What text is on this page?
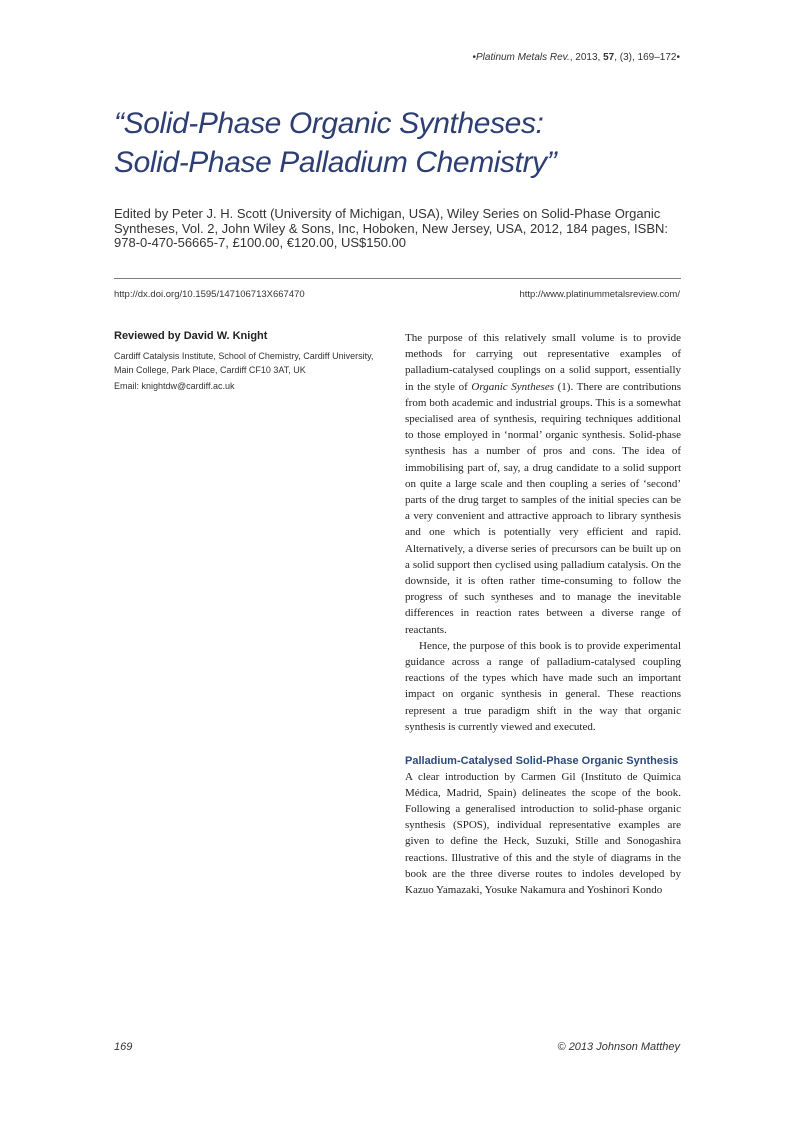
•Platinum Metals Rev., 2013, 57, (3), 169–172•
“Solid-Phase Organic Syntheses:
Solid-Phase Palladium Chemistry”

Edited by Peter J. H. Scott (University of Michigan, USA), Wiley Series on Solid-Phase Organic Syntheses, Vol. 2, John Wiley & Sons, Inc, Hoboken, New Jersey, USA, 2012, 184 pages, ISBN: 978-0-470-56665-7, £100.00, €120.00, US$150.00

http://dx.doi.org/10.1595/147106713X667470	http://www.platinummetalsreview.com/

Reviewed by David W. Knight

Cardiff Catalysis Institute, School of Chemistry, Cardiff University, Main College, Park Place, Cardiff CF10 3AT, UK

Email: knightdw@cardiff.ac.uk

The purpose of this relatively small volume is to provide methods for carrying out representative examples of palladium-catalysed couplings on a solid support, essentially in the style of Organic Syntheses (1). There are contributions from both academic and industrial groups. This is a somewhat specialised area of synthesis, requiring techniques additional to those employed in ‘normal’ organic synthesis. Solid-phase synthesis has a number of pros and cons. The idea of immobilising part of, say, a drug candidate to a solid support on quite a large scale and then coupling a series of ‘second’ parts of the drug target to samples of the initial species can be a very convenient and attractive approach to library synthesis and one which is potentially very efficient and rapid. Alternatively, a diverse series of precursors can be built up on a solid support then cyclised using palladium catalysis. On the downside, it is often rather time-consuming to follow the progress of such syntheses and to manage the inevitable differences in reaction rates between a diverse range of reactants.

Hence, the purpose of this book is to provide experimental guidance across a range of palladium-catalysed coupling reactions of the types which have made such an important impact on organic synthesis in general. These reactions represent a true paradigm shift in the way that organic synthesis is currently viewed and executed.

Palladium-Catalysed Solid-Phase Organic Synthesis

A clear introduction by Carmen Gil (Instituto de Química Médica, Madrid, Spain) delineates the scope of the book. Following a generalised introduction to solid-phase organic synthesis (SPOS), individual representative examples are given to define the Heck, Suzuki, Stille and Sonogashira reactions. Illustrative of this and the style of diagrams in the book are the three diverse routes to indoles developed by Kazuo Yamazaki, Yosuke Nakamura and Yoshinori Kondo

169	© 2013 Johnson Matthey
